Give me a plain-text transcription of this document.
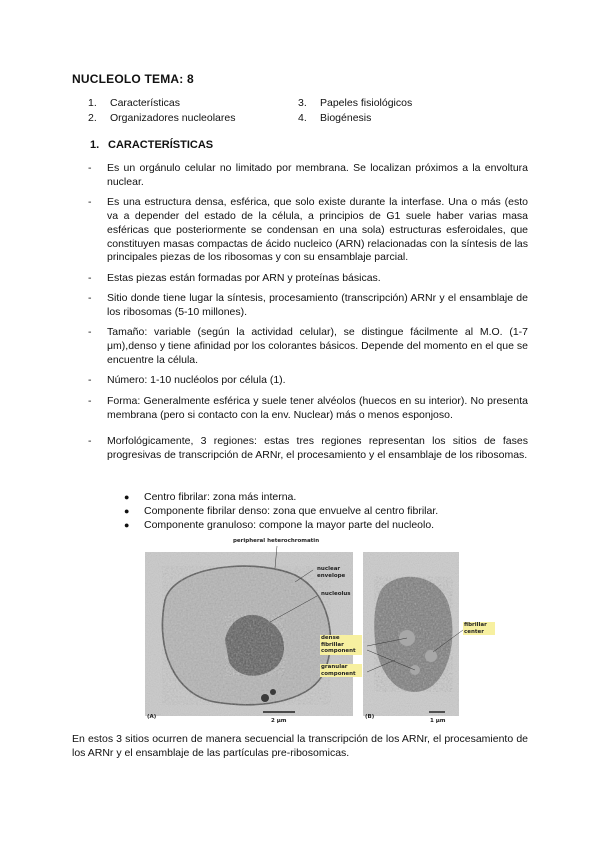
NUCLEOLO TEMA: 8
1.	Características	3.	Papeles fisiológicos
2.	Organizadores nucleolares	4.	Biogénesis
1. CARACTERÍSTICAS
-	Es un orgánulo celular no limitado por membrana. Se localizan próximos a la envoltura nuclear.
-	Es una estructura densa, esférica, que solo existe durante la interfase. Una o más (esto va a depender del estado de la célula, a principios de G1 suele haber varias masa esféricas que posteriormente se condensan en una sola) estructuras esferoidales, que constituyen masas compactas de ácido nucleico (ARN) relacionadas con la síntesis de las principales piezas de los ribosomas y con su ensamblaje parcial.
-	Estas piezas están formadas por ARN y proteínas básicas.
-	Sitio donde tiene lugar la síntesis, procesamiento (transcripción) ARNr y el ensamblaje de los ribosomas (5-10 millones).
-	Tamaño: variable (según la actividad celular), se distingue fácilmente al M.O. (1-7 μm),denso y tiene afinidad por los colorantes básicos. Depende del momento en el que se encuentre la célula.
-	Número: 1-10 nucléolos por célula (1).
-	Forma: Generalmente esférica y suele tener alvéolos (huecos en su interior). No presenta membrana (pero si contacto con la env. Nuclear) más o menos esponjoso.
-	Morfológicamente, 3 regiones: estas tres regiones representan los sitios de fases progresivas de transcripción de ARNr, el procesamiento y el ensamblaje de los ribosomas.
●	Centro fibrilar: zona más interna.
●	Componente fibrilar denso: zona que envuelve al centro fibrilar.
●	Componente granuloso: compone la mayor parte del nucleolo.
peripheral heterochromatin
nuclear envelope
nucleolus
dense fibrillar component
granular component
fibrillar center
(A)	(B)
2 μm	1 μm
En estos 3 sitios ocurren de manera secuencial la transcripción de los ARNr, el procesamiento de los ARNr y el ensamblaje de las partículas pre-ribosomicas.
